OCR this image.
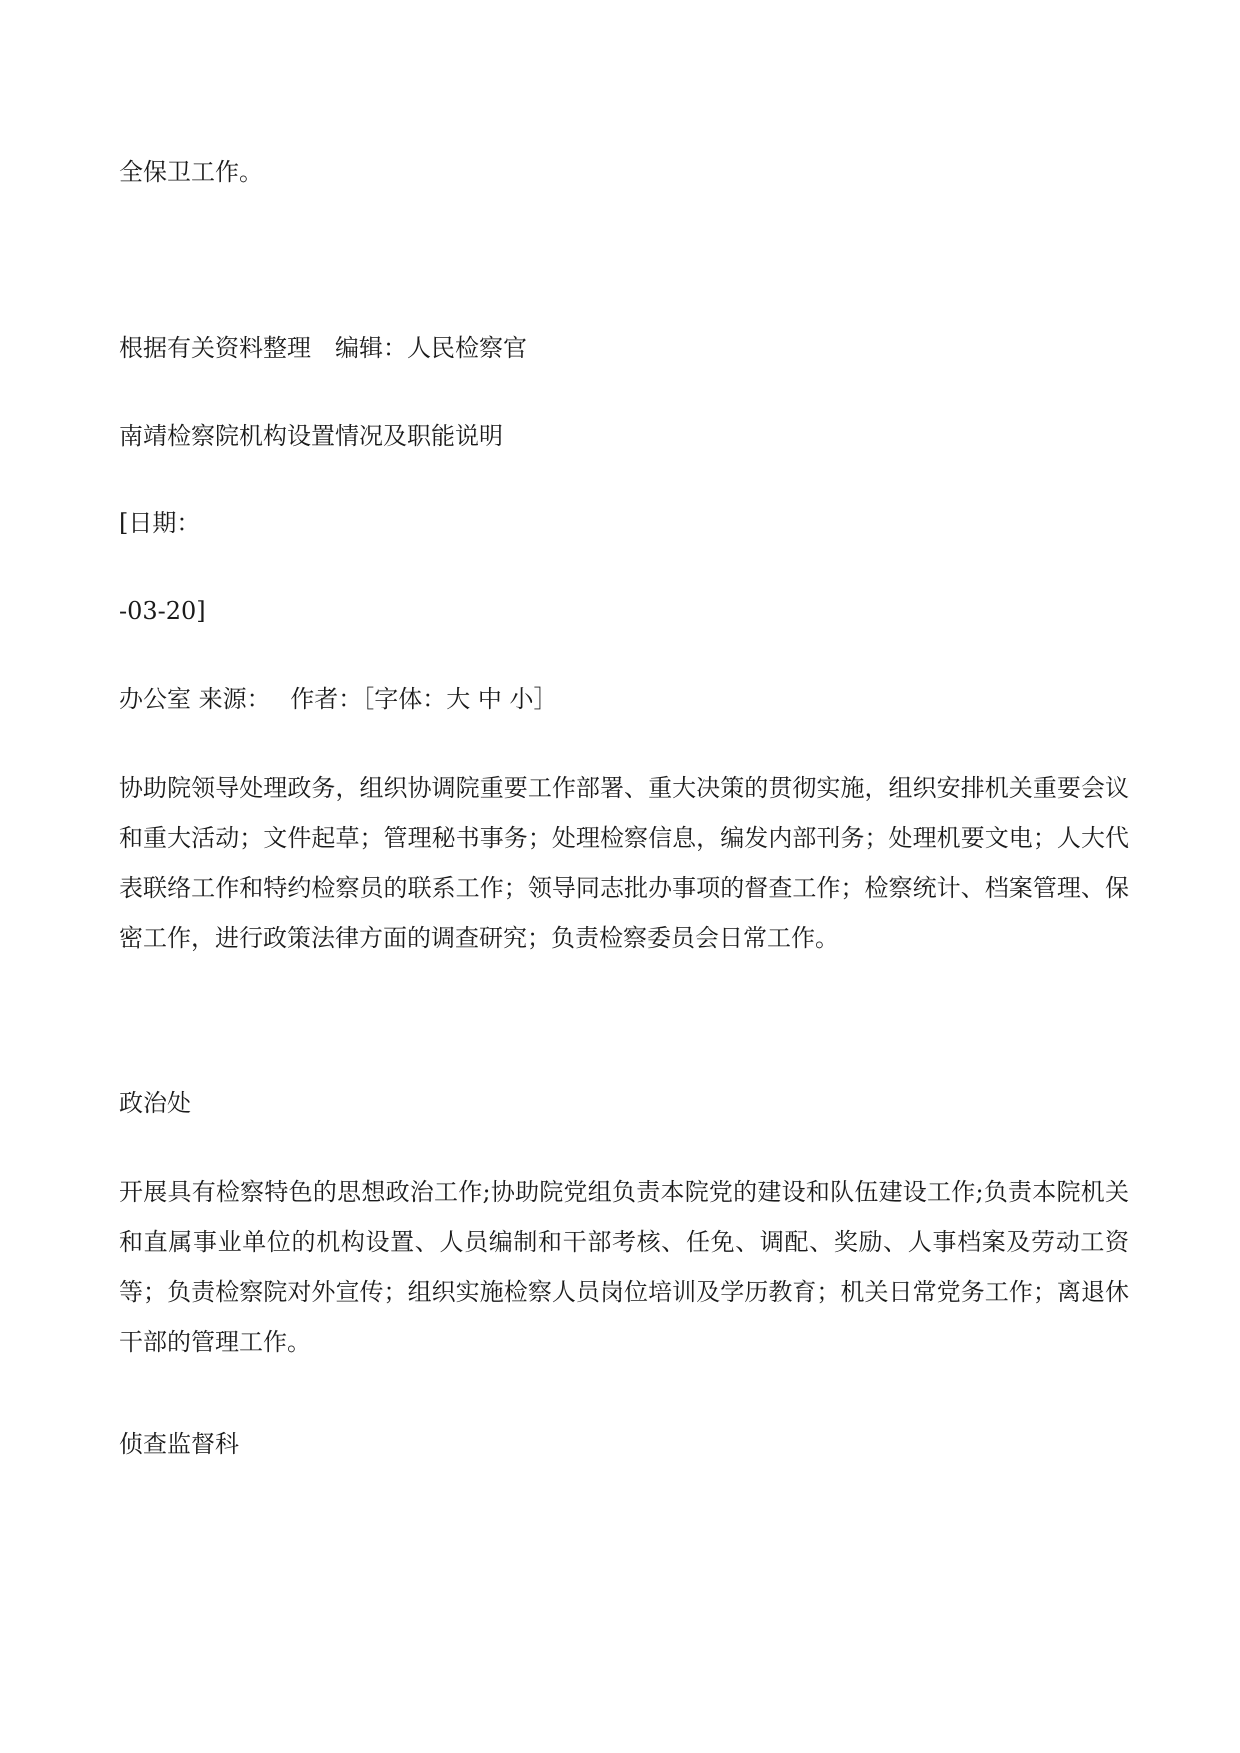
全保卫工作。

根据有关资料整理　编辑：人民检察官

南靖检察院机构设置情况及职能说明

[日期：

-03-20]

办公室 来源：　 作者：［字体：大 中 小］

协助院领导处理政务，组织协调院重要工作部署、重大决策的贯彻实施，组织安排机关重要会议和重大活动；文件起草；管理秘书事务；处理检察信息，编发内部刊务；处理机要文电；人大代表联络工作和特约检察员的联系工作；领导同志批办事项的督查工作；检察统计、档案管理、保密工作，进行政策法律方面的调查研究；负责检察委员会日常工作。

政治处

开展具有检察特色的思想政治工作;协助院党组负责本院党的建设和队伍建设工作;负责本院机关和直属事业单位的机构设置、人员编制和干部考核、任免、调配、奖励、人事档案及劳动工资等；负责检察院对外宣传；组织实施检察人员岗位培训及学历教育；机关日常党务工作；离退休干部的管理工作。

侦查监督科
